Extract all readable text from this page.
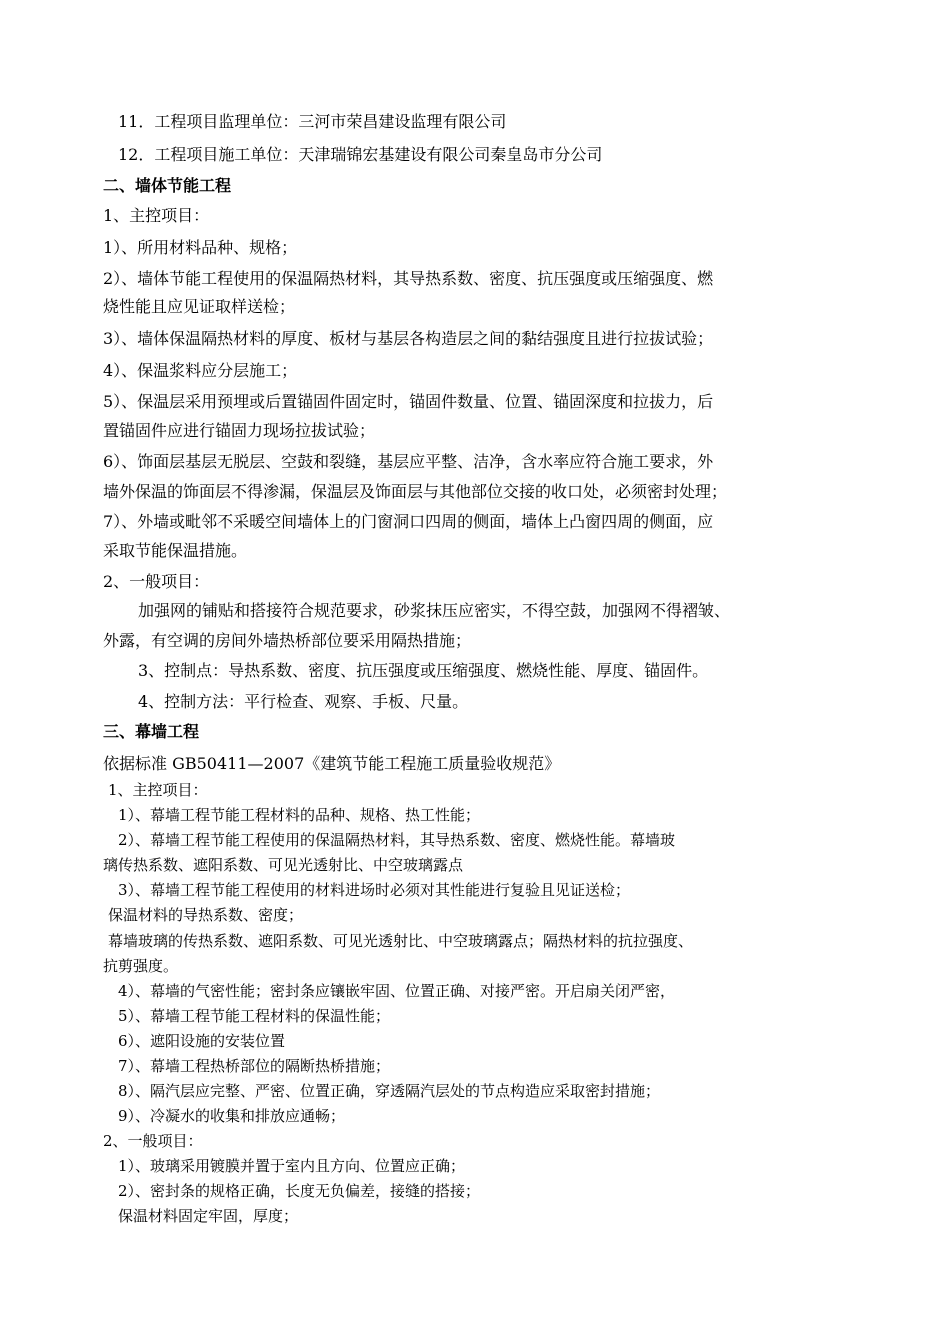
11．工程项目监理单位：三河市荣昌建设监理有限公司
12．工程项目施工单位：天津瑞锦宏基建设有限公司秦皇岛市分公司
二、墙体节能工程
1、主控项目：
1）、所用材料品种、规格；
2）、墙体节能工程使用的保温隔热材料，其导热系数、密度、抗压强度或压缩强度、燃
烧性能且应见证取样送检；
3）、墙体保温隔热材料的厚度、板材与基层各构造层之间的黏结强度且进行拉拔试验；
4）、保温浆料应分层施工；
5）、保温层采用预埋或后置锚固件固定时，锚固件数量、位置、锚固深度和拉拔力，后
置锚固件应进行锚固力现场拉拔试验；
6）、饰面层基层无脱层、空鼓和裂缝，基层应平整、洁净，含水率应符合施工要求，外
墙外保温的饰面层不得渗漏，保温层及饰面层与其他部位交接的收口处，必须密封处理；
7）、外墙或毗邻不采暖空间墙体上的门窗洞口四周的侧面，墙体上凸窗四周的侧面，应
采取节能保温措施。
2、一般项目：
加强网的铺贴和搭接符合规范要求，砂浆抹压应密实，不得空鼓，加强网不得褶皱、
外露，有空调的房间外墙热桥部位要采用隔热措施；
3、控制点：导热系数、密度、抗压强度或压缩强度、燃烧性能、厚度、锚固件。
4、控制方法：平行检查、观察、手板、尺量。
三、幕墙工程
依据标准 GB50411—2007《建筑节能工程施工质量验收规范》
1、主控项目：
1）、幕墙工程节能工程材料的品种、规格、热工性能；
2）、幕墙工程节能工程使用的保温隔热材料，其导热系数、密度、燃烧性能。幕墙玻
璃传热系数、遮阳系数、可见光透射比、中空玻璃露点
3）、幕墙工程节能工程使用的材料进场时必须对其性能进行复验且见证送检；
保温材料的导热系数、密度；
幕墙玻璃的传热系数、遮阳系数、可见光透射比、中空玻璃露点；隔热材料的抗拉强度、
抗剪强度。
4）、幕墙的气密性能；密封条应镶嵌牢固、位置正确、对接严密。开启扇关闭严密，
5）、幕墙工程节能工程材料的保温性能；
6）、遮阳设施的安装位置
7）、幕墙工程热桥部位的隔断热桥措施；
8）、隔汽层应完整、严密、位置正确，穿透隔汽层处的节点构造应采取密封措施；
9）、冷凝水的收集和排放应通畅；
2、一般项目：
1）、玻璃采用镀膜并置于室内且方向、位置应正确；
2）、密封条的规格正确，长度无负偏差，接缝的搭接；
保温材料固定牢固，厚度；
